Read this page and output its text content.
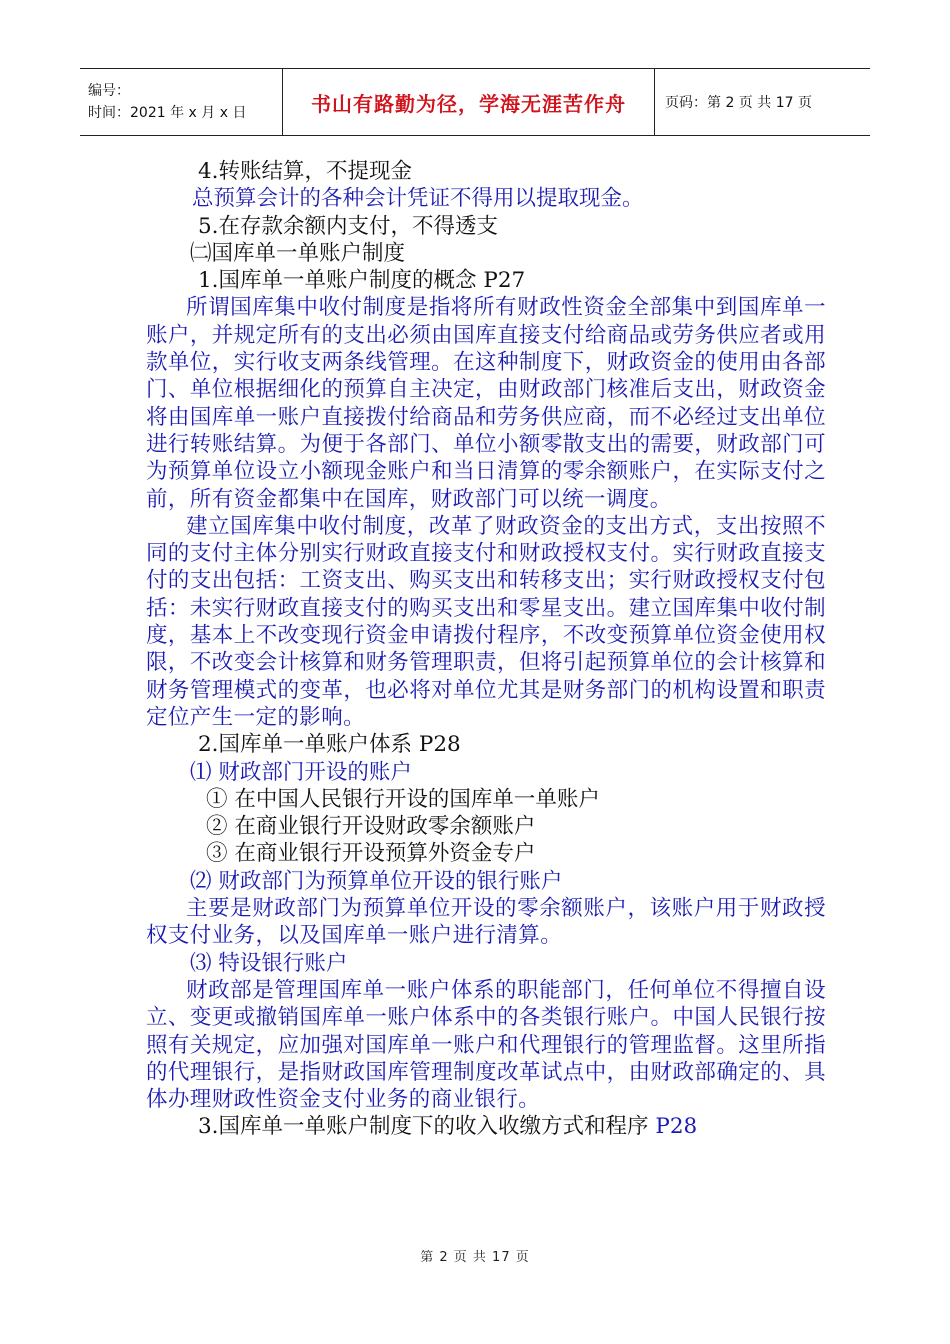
编号：
时间：2021 年 x 月 x 日	书山有路勤为径，学海无涯苦作舟	页码：第 2 页 共 17 页
4.转账结算，不提现金
总预算会计的各种会计凭证不得用以提取现金。
5.在存款余额内支付，不得透支
㈡国库单一单账户制度
1.国库单一单账户制度的概念 P27
所谓国库集中收付制度是指将所有财政性资金全部集中到国库单一账户，并规定所有的支出必须由国库直接支付给商品或劳务供应者或用款单位，实行收支两条线管理。在这种制度下，财政资金的使用由各部门、单位根据细化的预算自主决定，由财政部门核准后支出，财政资金将由国库单一账户直接拨付给商品和劳务供应商，而不必经过支出单位进行转账结算。为便于各部门、单位小额零散支出的需要，财政部门可为预算单位设立小额现金账户和当日清算的零余额账户，在实际支付之前，所有资金都集中在国库，财政部门可以统一调度。
建立国库集中收付制度，改革了财政资金的支出方式，支出按照不同的支付主体分别实行财政直接支付和财政授权支付。实行财政直接支付的支出包括：工资支出、购买支出和转移支出；实行财政授权支付包括：未实行财政直接支付的购买支出和零星支出。建立国库集中收付制度，基本上不改变现行资金申请拨付程序，不改变预算单位资金使用权限，不改变会计核算和财务管理职责，但将引起预算单位的会计核算和财务管理模式的变革，也必将对单位尤其是财务部门的机构设置和职责定位产生一定的影响。
2.国库单一单账户体系 P28
⑴ 财政部门开设的账户
① 在中国人民银行开设的国库单一单账户
② 在商业银行开设财政零余额账户
③ 在商业银行开设预算外资金专户
⑵ 财政部门为预算单位开设的银行账户
主要是财政部门为预算单位开设的零余额账户，该账户用于财政授权支付业务，以及国库单一账户进行清算。
⑶ 特设银行账户
财政部是管理国库单一账户体系的职能部门，任何单位不得擅自设立、变更或撤销国库单一账户体系中的各类银行账户。中国人民银行按照有关规定，应加强对国库单一账户和代理银行的管理监督。这里所指的代理银行，是指财政国库管理制度改革试点中，由财政部确定的、具体办理财政性资金支付业务的商业银行。
3.国库单一单账户制度下的收入收缴方式和程序 P28
第 2 页 共 17 页
